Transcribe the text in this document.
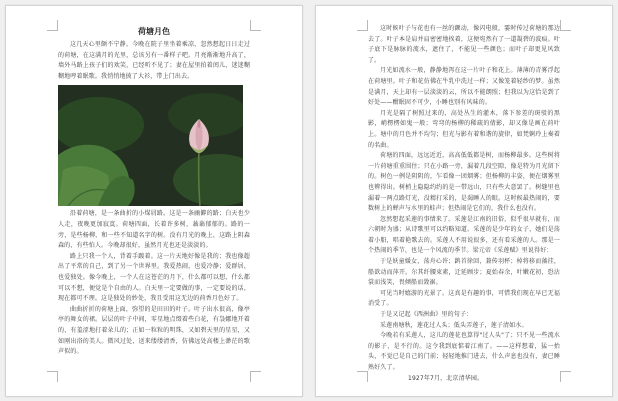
荷塘月色

这几天心里颇不宁静。今晚在院子里坐着乘凉，忽然想起日日走过的荷塘，在这满月的光里，总该另有一番样子吧。月亮渐渐地升高了，墙外马路上孩子们的欢笑，已经听不见了；妻在屋里拍着闰儿，迷迷糊糊地哼着眠歌。我悄悄地披了大衫，带上门出去。

沿着荷塘，是一条曲折的小煤屑路。这是一条幽僻的路；白天也少人走，夜晚更加寂寞。荷塘四面，长着许多树，蓊蓊郁郁的。路的一旁，是些杨柳，和一些不知道名字的树。没有月光的晚上，这路上阴森森的，有些怕人。今晚却很好，虽然月光也还是淡淡的。

路上只我一个人，背着手踱着。这一片天地好像是我的；我也像超出了平常的自己，到了另一个世界里。我爱热闹，也爱冷静；爱群居，也爱独处。像今晚上，一个人在这苍茫的月下，什么都可以想，什么都可以不想，便觉是个自由的人。白天里一定要做的事，一定要说的话，现在都可不理。这是独处的妙处，我且受用这无边的荷香月色好了。

曲曲折折的荷塘上面，弥望的是田田的叶子。叶子出水很高，像亭亭的舞女的裙。层层的叶子中间，零星地点缀着些白花，有袅娜地开着的，有羞涩地打着朵儿的；正如一粒粒的明珠，又如碧天里的星星，又如刚出浴的美人。微风过处，送来缕缕清香，仿佛远处高楼上渺茫的歌声似的。

这时候叶子与花也有一丝的颤动，像闪电般，霎时传过荷塘的那边去了。叶子本是肩并肩密密地挨着，这便宛然有了一道凝碧的波痕。叶子底下是脉脉的流水，遮住了，不能见一些颜色；而叶子却更见风致了。

月光如流水一般，静静地泻在这一片叶子和花上。薄薄的青雾浮起在荷塘里。叶子和花仿佛在牛乳中洗过一样；又像笼着轻纱的梦。虽然是满月，天上却有一层淡淡的云，所以不能朗照；但我以为这恰是到了好处——酣眠固不可少，小睡也别有风味的。

月光是隔了树照过来的，高处丛生的灌木，落下参差的斑驳的黑影，峭楞楞如鬼一般；弯弯的杨柳的稀疏的倩影，却又像是画在荷叶上。塘中的月色并不均匀；但光与影有着和谐的旋律，如梵婀玲上奏着的名曲。

荷塘的四面，远远近近，高高低低都是树，而杨柳最多。这些树将一片荷塘重重围住；只在小路一旁，漏着几段空隙，像是特为月光留下的。树色一例是阴阴的，乍看像一团烟雾；但杨柳的丰姿，便在烟雾里也辨得出。树梢上隐隐约约的是一带远山，只有些大意罢了。树缝里也漏着一两点路灯光，没精打采的，是渴睡人的眼。这时候最热闹的，要数树上的蝉声与水里的蛙声；但热闹是它们的，我什么也没有。

忽然想起采莲的事情来了。采莲是江南的旧俗，似乎很早就有，而六朝时为盛；从诗歌里可以约略知道。采莲的是少年的女子，她们是荡着小船，唱着艳歌去的。采莲人不用说很多，还有看采莲的人。那是一个热闹的季节，也是一个风流的季节。梁元帝《采莲赋》里说得好：

于是妖童媛女，荡舟心许；鹢首徐回，兼传羽杯；棹将移而藻挂，船欲动而萍开。尔其纤腰束素，迁延顾步；夏始春余，叶嫩花初，恐沾裳而浅笑，畏倾船而敛裾。

可见当时嬉游的光景了。这真是有趣的事，可惜我们现在早已无福消受了。

于是又记起《西洲曲》里的句子：

采莲南塘秋，莲花过人头；低头弄莲子，莲子清如水。

今晚若有采莲人，这儿的莲花也算得"过人头"了；只不见一些流水的影子，是不行的。这令我到底惦着江南了。——这样想着，猛一抬头，不觉已是自己的门前；轻轻地推门进去，什么声息也没有，妻已睡熟好久了。

1927年7月，北京清华园。
